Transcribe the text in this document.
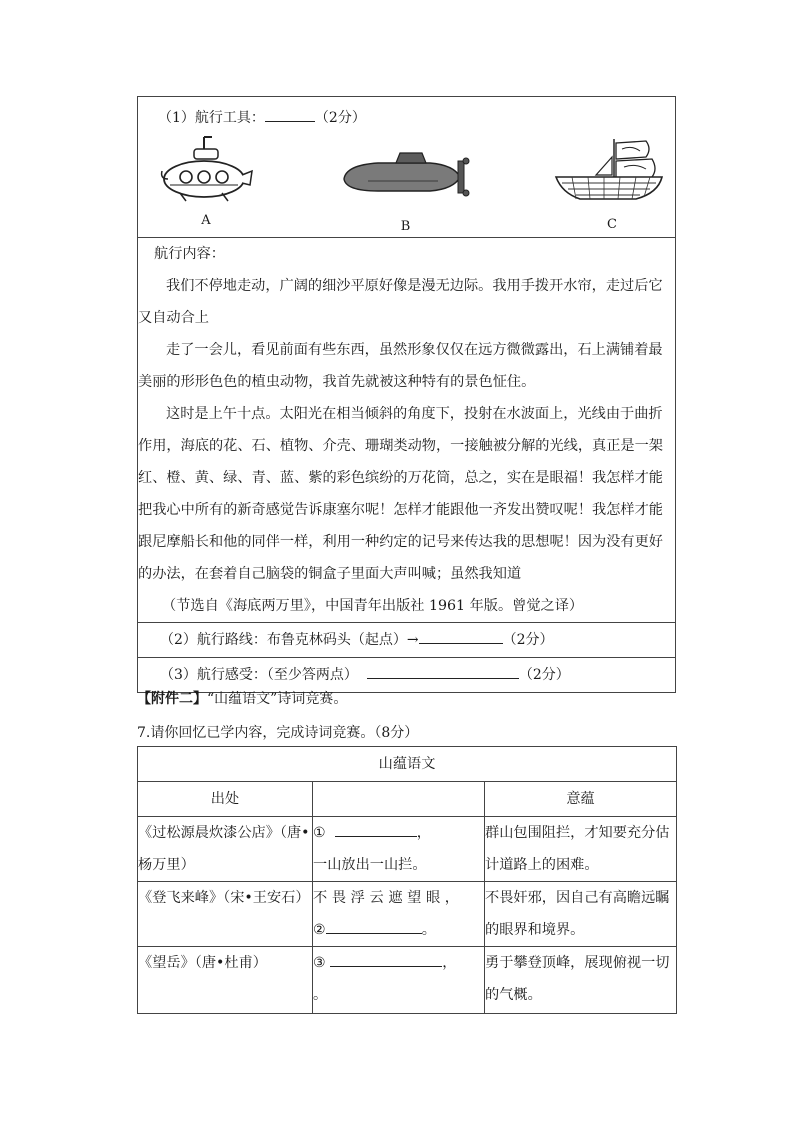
（1）航行工具：	（2分）
A	B	C

航行内容：

我们不停地走动，广阔的细沙平原好像是漫无边际。我用手拨开水帘，走过后它又自动合上

走了一会儿，看见前面有些东西，虽然形象仅仅在远方微微露出，石上满铺着最美丽的形形色色的植虫动物，我首先就被这种特有的景色怔住。

这时是上午十点。太阳光在相当倾斜的角度下，投射在水波面上，光线由于曲折作用，海底的花、石、植物、介壳、珊瑚类动物，一接触被分解的光线，真正是一架红、橙、黄、绿、青、蓝、紫的彩色缤纷的万花筒，总之，实在是眼福！我怎样才能把我心中所有的新奇感觉告诉康塞尔呢！怎样才能跟他一齐发出赞叹呢！我怎样才能跟尼摩船长和他的同伴一样，利用一种约定的记号来传达我的思想呢！因为没有更好的办法，在套着自己脑袋的铜盒子里面大声叫喊；虽然我知道

（节选自《海底两万里》，中国青年出版社 1961 年版。曾觉之译）

（2）航行路线：布鲁克林码头（起点）→	（2分）
（3）航行感受：（至少答两点）	（2分）
【附件二】“山蕴语文”诗词竞赛。
7.请你回忆已学内容，完成诗词竞赛。（8分）
山蕴语文		
出处		意蕴
《过松源晨炊漆公店》（唐•杨万里）	① ，
一山放出一山拦。	群山包围阻拦，才知要充分估计道路上的困难。
《登飞来峰》（宋•王安石）	不畏浮云遮望眼，
② 。	不畏奸邪，因自己有高瞻远瞩的眼界和境界。
《望岳》（唐•杜甫）	③ ，
。	勇于攀登顶峰，展现俯视一切的气概。
